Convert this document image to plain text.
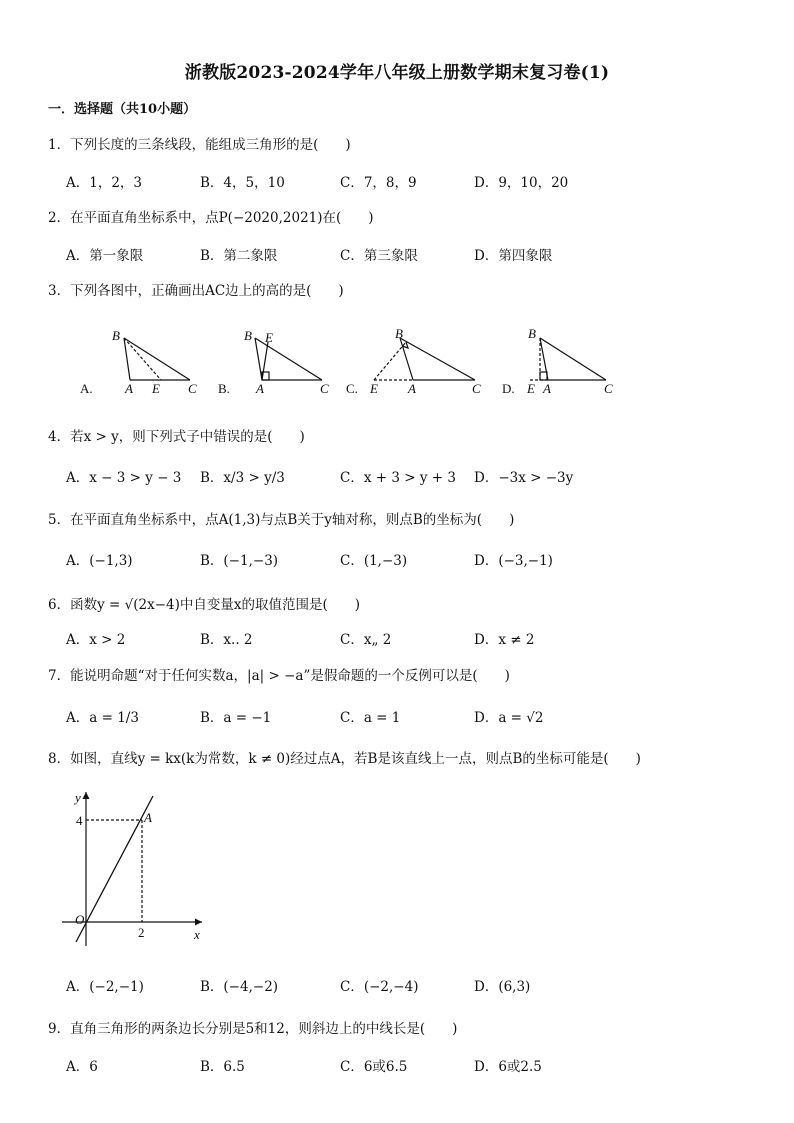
浙教版2023-2024学年八年级上册数学期末复习卷(1)
一．选择题（共10小题）
1．下列长度的三条线段，能组成三角形的是(　　)
A．1，2，3	B．4，5，10	C．7，8，9	D．9，10，20
2．在平面直角坐标系中，点P(−2020,2021)在(　　)
A．第一象限	B．第二象限	C．第三象限	D．第四象限
3．下列各图中，正确画出AC边上的高的是(　　)
A.
B
A E C B.
B E
A	C C.
B
E A	C D.
B
E A	C
4．若x > y，则下列式子中错误的是(　　)
A．x − 3 > y − 3 B．x/3 > y/3	C．x + 3 > y + 3 D．−3x > −3y
5．在平面直角坐标系中，点A(1,3)与点B关于y轴对称，则点B的坐标为(　　)
A．(−1,3)	B．(−1,−3)	C．(1,−3)	D．(−3,−1)
6．函数y = √(2x−4)中自变量x的取值范围是(　　)
A．x > 2	B．x.. 2	C．x„ 2	D．x ≠ 2
7．能说明命题“对于任何实数a，|a| > −a”是假命题的一个反例可以是(　　)
A．a = 1/3	B．a = −1	C．a = 1	D．a = √2
8．如图，直线y = kx(k为常数，k ≠ 0)经过点A，若B是该直线上一点，则点B的坐标可能是(　　)
y
x
O
4
2
A
A．(−2,−1)	B．(−4,−2)	C．(−2,−4)	D．(6,3)
9．直角三角形的两条边长分别是5和12，则斜边上的中线长是(　　)
A．6	B．6.5	C．6或6.5	D．6或2.5
